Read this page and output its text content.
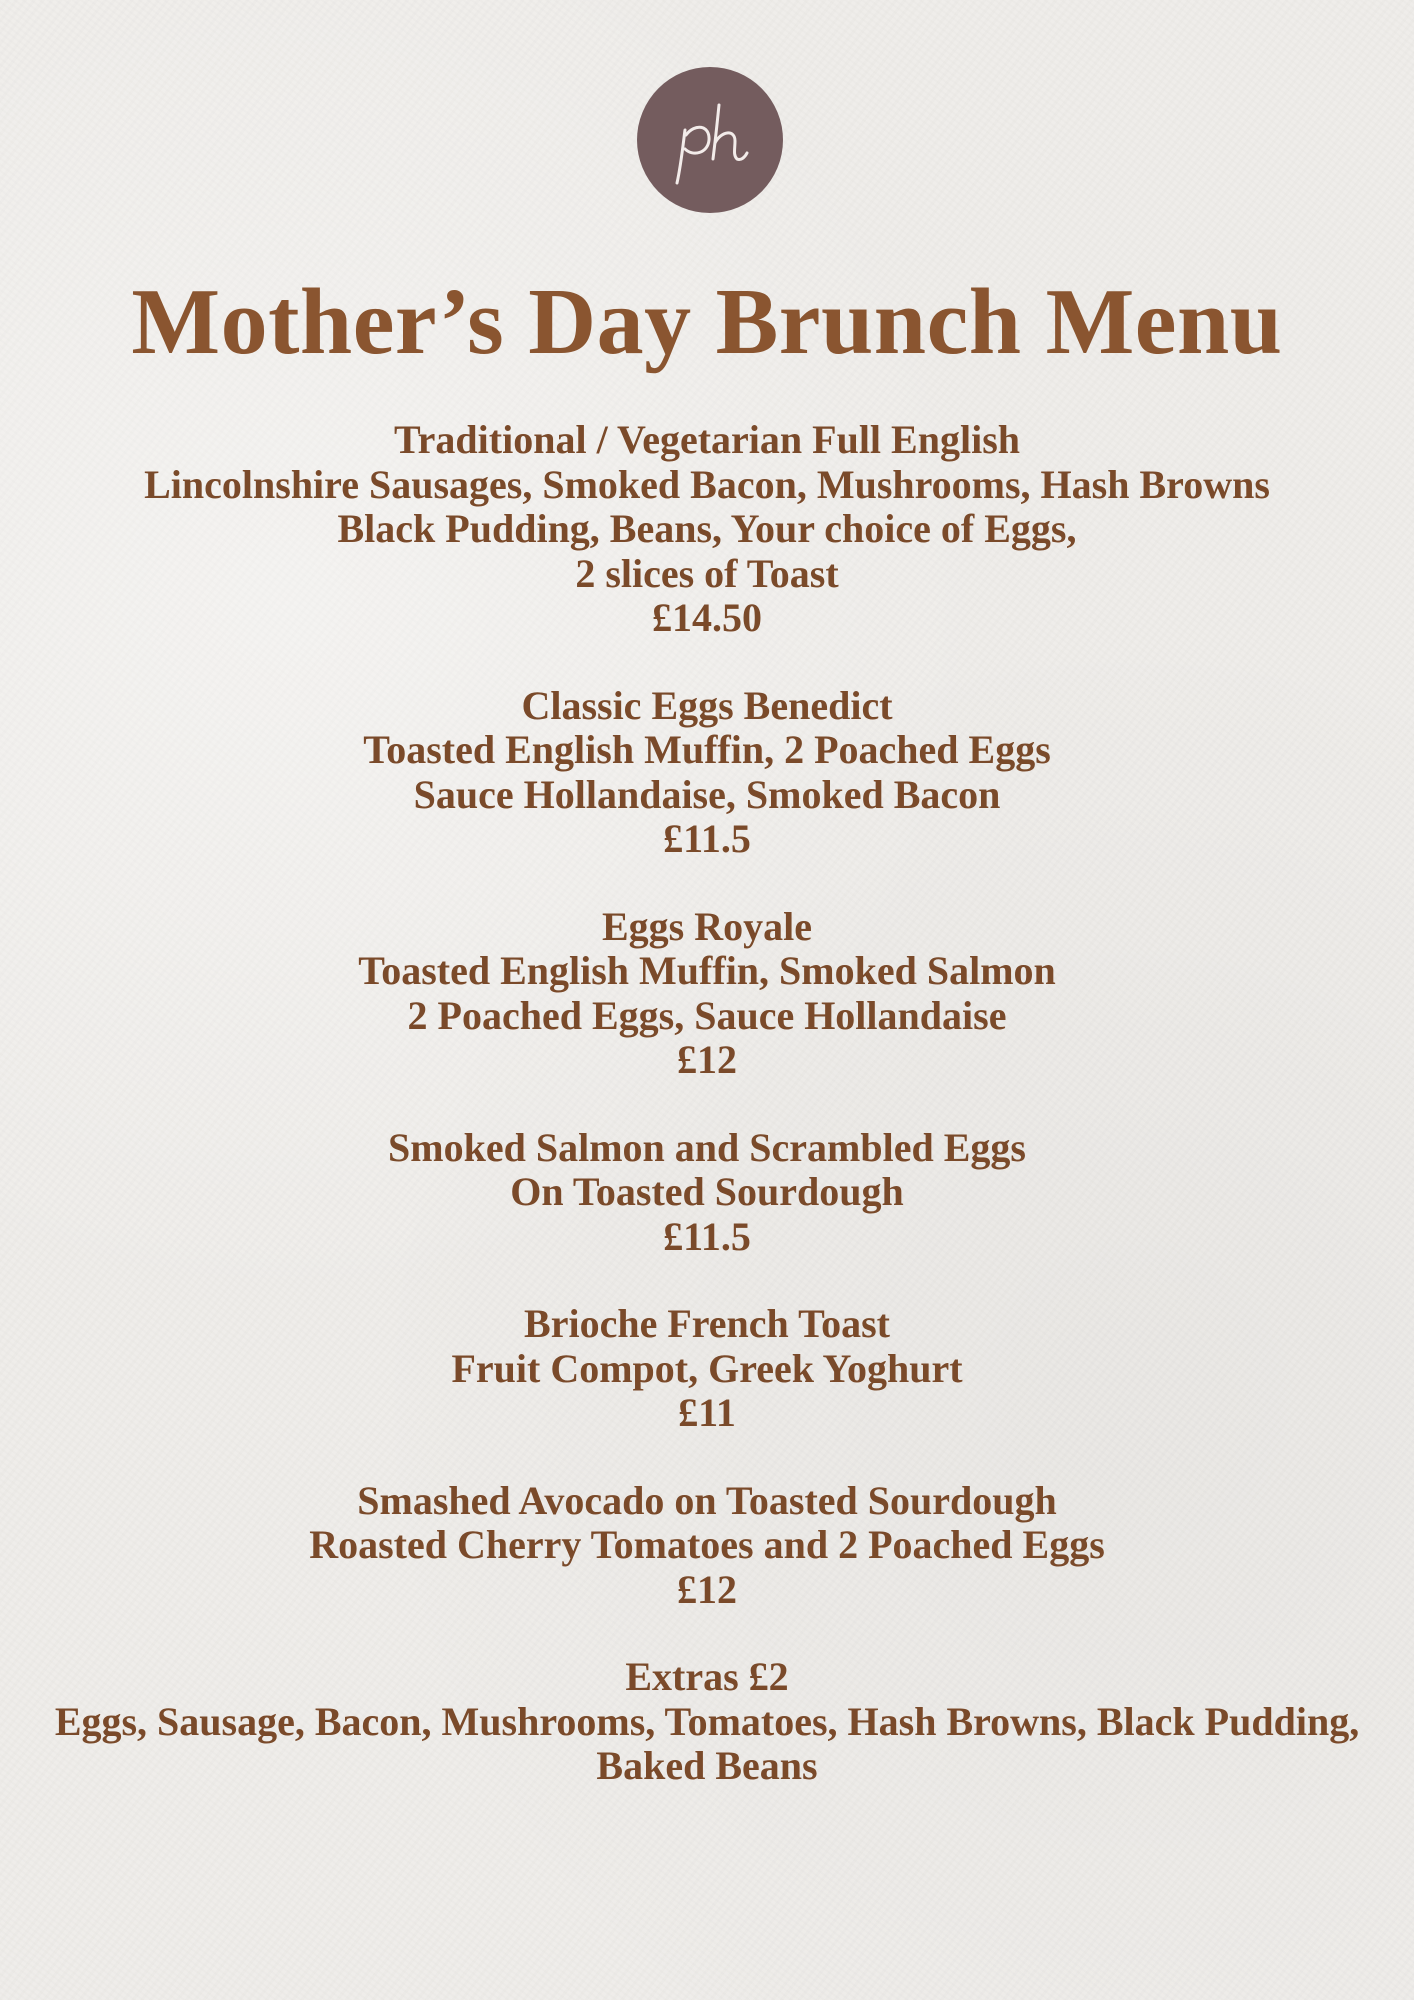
Mother’s Day Brunch Menu
Traditional / Vegetarian Full English
Lincolnshire Sausages, Smoked Bacon, Mushrooms, Hash Browns
Black Pudding, Beans, Your choice of Eggs,
2 slices of Toast
£14.50
Classic Eggs Benedict
Toasted English Muffin, 2 Poached Eggs
Sauce Hollandaise, Smoked Bacon
£11.5
Eggs Royale
Toasted English Muffin, Smoked Salmon
2 Poached Eggs, Sauce Hollandaise
£12
Smoked Salmon and Scrambled Eggs
On Toasted Sourdough
£11.5
Brioche French Toast
Fruit Compot, Greek Yoghurt
£11
Smashed Avocado on Toasted Sourdough
Roasted Cherry Tomatoes and 2 Poached Eggs
£12
Extras £2
Eggs, Sausage, Bacon, Mushrooms, Tomatoes, Hash Browns, Black Pudding, Baked Beans
